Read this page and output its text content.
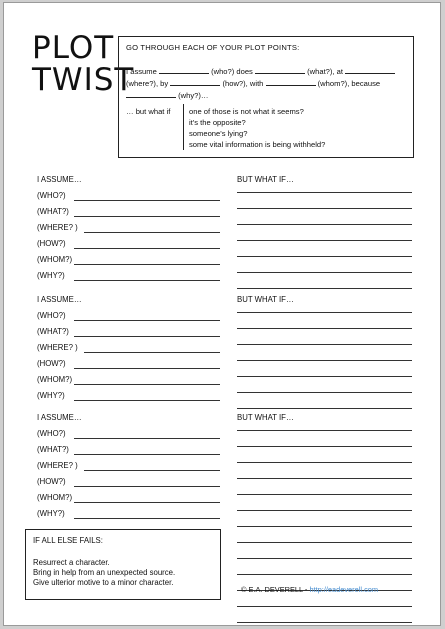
PLOT
TWIST
GO THROUGH EACH OF YOUR PLOT POINTS:
I assume	(who?) does	(what?), at  (where?), by	(how?), with	(whom?), because  (why?)…
… but what if one of those is not what it seems?
it's the opposite?
someone's lying?
some vital information is being withheld?
I ASSUME…	BUT WHAT IF…
(WHO?)
(WHAT?)
(WHERE? )
(HOW?)
(WHOM?)
(WHY?)
I ASSUME…	BUT WHAT IF…
(WHO?)
(WHAT?)
(WHERE? )
(HOW?)
(WHOM?)
(WHY?)
I ASSUME…	BUT WHAT IF…
(WHO?)
(WHAT?)
(WHERE? )
(HOW?)
(WHOM?)
(WHY?)
IF ALL ELSE FAILS:
Resurrect a character.
Bring in help from an unexpected source.
Give ulterior motive to a minor character.
© E.A. DEVERELL - http://eadeverell.com
